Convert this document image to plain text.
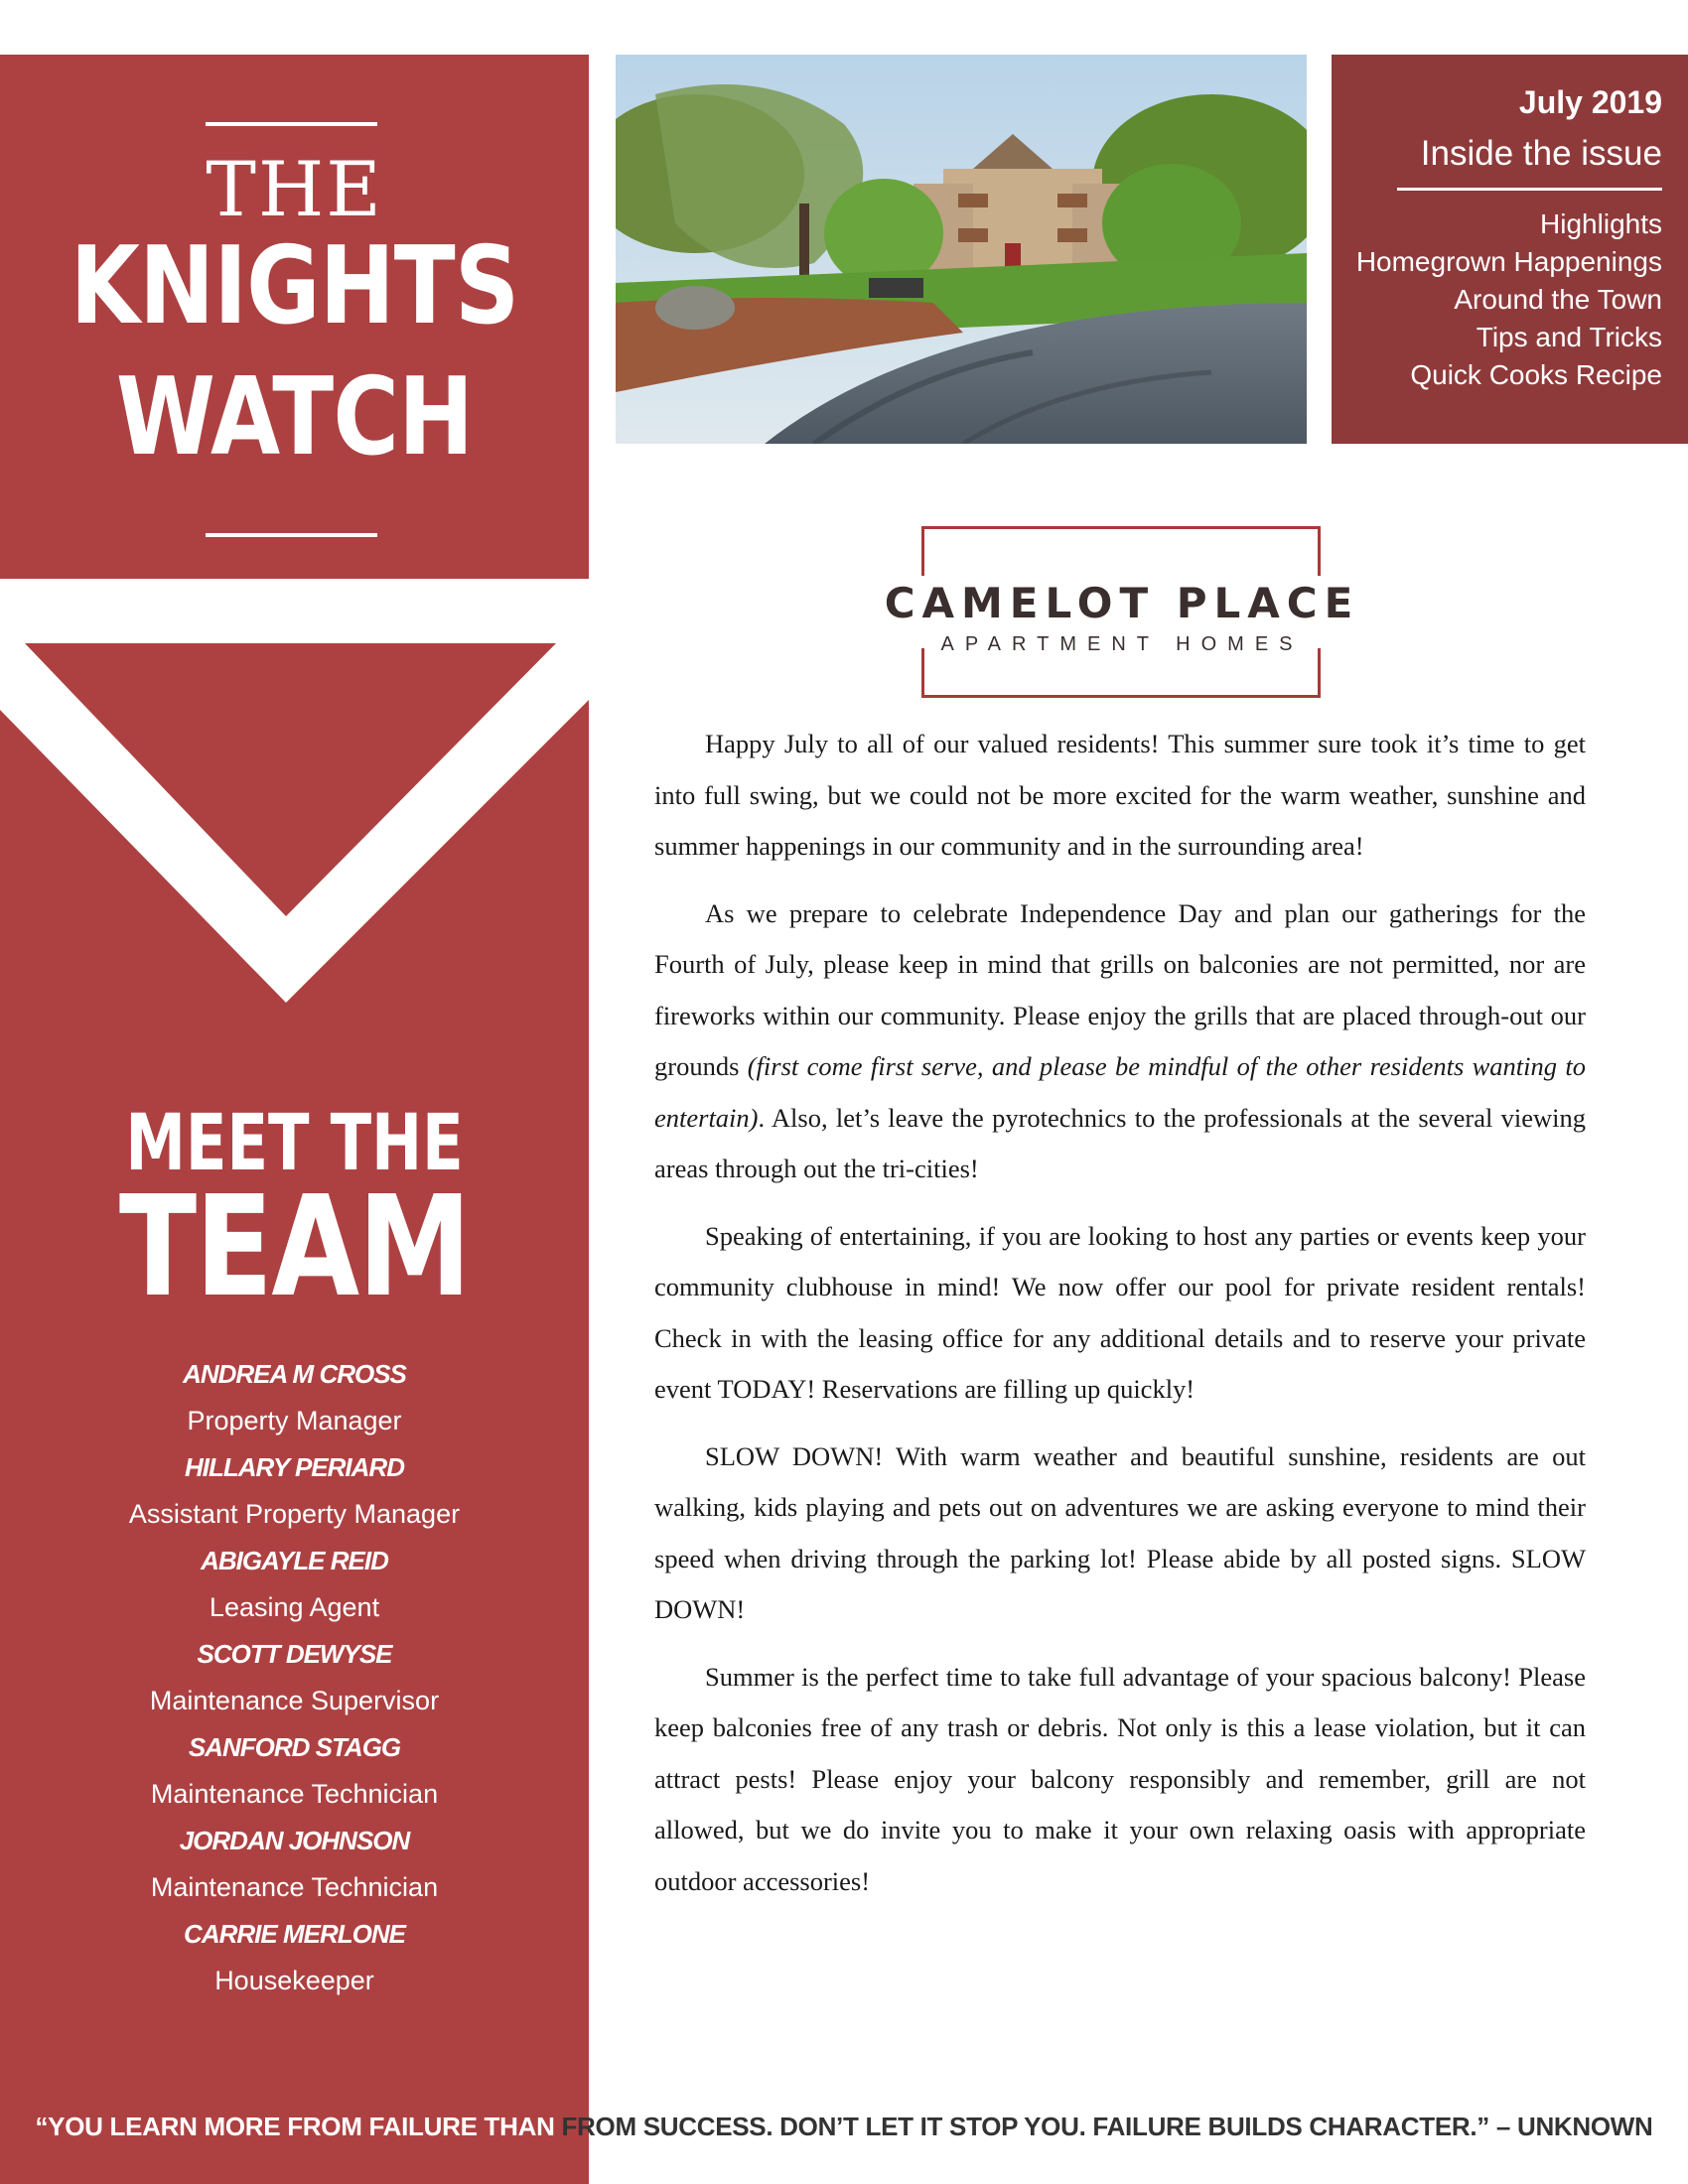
THE
KNIGHTS
WATCH
July 2019
Inside the issue
Highlights
Homegrown Happenings
Around the Town
Tips and Tricks
Quick Cooks Recipe
MEET THE
TEAM
ANDREA M CROSS
Property Manager
HILLARY PERIARD
Assistant Property Manager
ABIGAYLE REID
Leasing Agent
SCOTT DEWYSE
Maintenance Supervisor
SANFORD STAGG
Maintenance Technician
JORDAN JOHNSON
Maintenance Technician
CARRIE MERLONE
Housekeeper
CAMELOT PLACE
APARTMENT HOMES

Happy July to all of our valued residents! This summer sure took it’s time to get into full swing, but we could not be more excited for the warm weather, sunshine and summer happenings in our community and in the surrounding area!

As we prepare to celebrate Independence Day and plan our gatherings for the Fourth of July, please keep in mind that grills on balconies are not permitted, nor are fireworks within our community. Please enjoy the grills that are placed through-out our grounds (first come first serve, and please be mindful of the other residents wanting to entertain). Also, let’s leave the pyrotechnics to the professionals at the several viewing areas through out the tri-cities!

Speaking of entertaining, if you are looking to host any parties or events keep your community clubhouse in mind! We now offer our pool for private resident rentals! Check in with the leasing office for any additional details and to reserve your private event TODAY! Reservations are filling up quickly!

SLOW DOWN! With warm weather and beautiful sunshine, residents are out walking, kids playing and pets out on adventures we are asking everyone to mind their speed when driving through the parking lot! Please abide by all posted signs. SLOW DOWN!

Summer is the perfect time to take full advantage of your spacious balcony! Please keep balconies free of any trash or debris. Not only is this a lease violation, but it can attract pests! Please enjoy your balcony responsibly and remember, grill are not allowed, but we do invite you to make it your own relaxing oasis with appropriate outdoor accessories!

“YOU LEARN MORE FROM FAILURE THAN FROM SUCCESS. DON’T LET IT STOP YOU. FAILURE BUILDS CHARACTER.” – UNKNOWN
